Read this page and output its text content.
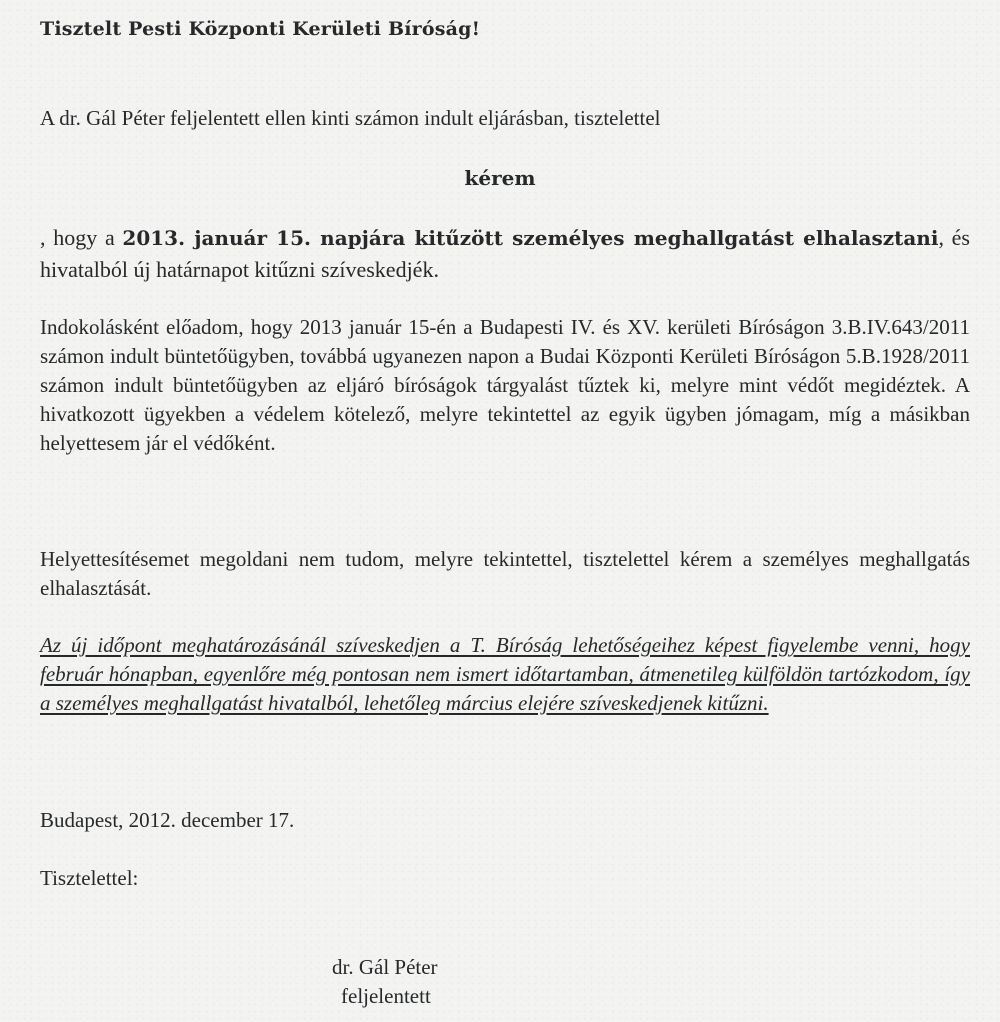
Tisztelt Pesti Központi Kerületi Bíróság!

A dr. Gál Péter feljelentett ellen kinti számon indult eljárásban, tisztelettel

kérem

, hogy a 2013. január 15. napjára kitűzött személyes meghallgatást elhalasztani, és hivatalból új határnapot kitűzni szíveskedjék.

Indokolásként előadom, hogy 2013 január 15-én a Budapesti IV. és XV. kerületi Bíróságon 3.B.IV.643/2011 számon indult büntetőügyben, továbbá ugyanezen napon a Budai Központi Kerületi Bíróságon 5.B.1928/2011 számon indult büntetőügyben az eljáró bíróságok tárgyalást tűztek ki, melyre mint védőt megidéztek. A hivatkozott ügyekben a védelem kötelező, melyre tekintettel az egyik ügyben jómagam, míg a másikban helyettesem jár el védőként.

Helyettesítésemet megoldani nem tudom, melyre tekintettel, tisztelettel kérem a személyes meghallgatás elhalasztását.

Az új időpont meghatározásánál szíveskedjen a T. Bíróság lehetőségeihez képest figyelembe venni, hogy február hónapban, egyenlőre még pontosan nem ismert időtartamban, átmenetileg külföldön tartózkodom, így a személyes meghallgatást hivatalból, lehetőleg március elejére szíveskedjenek kitűzni.

Budapest, 2012. december 17.

Tisztelettel:

dr. Gál Péter
feljelentett
